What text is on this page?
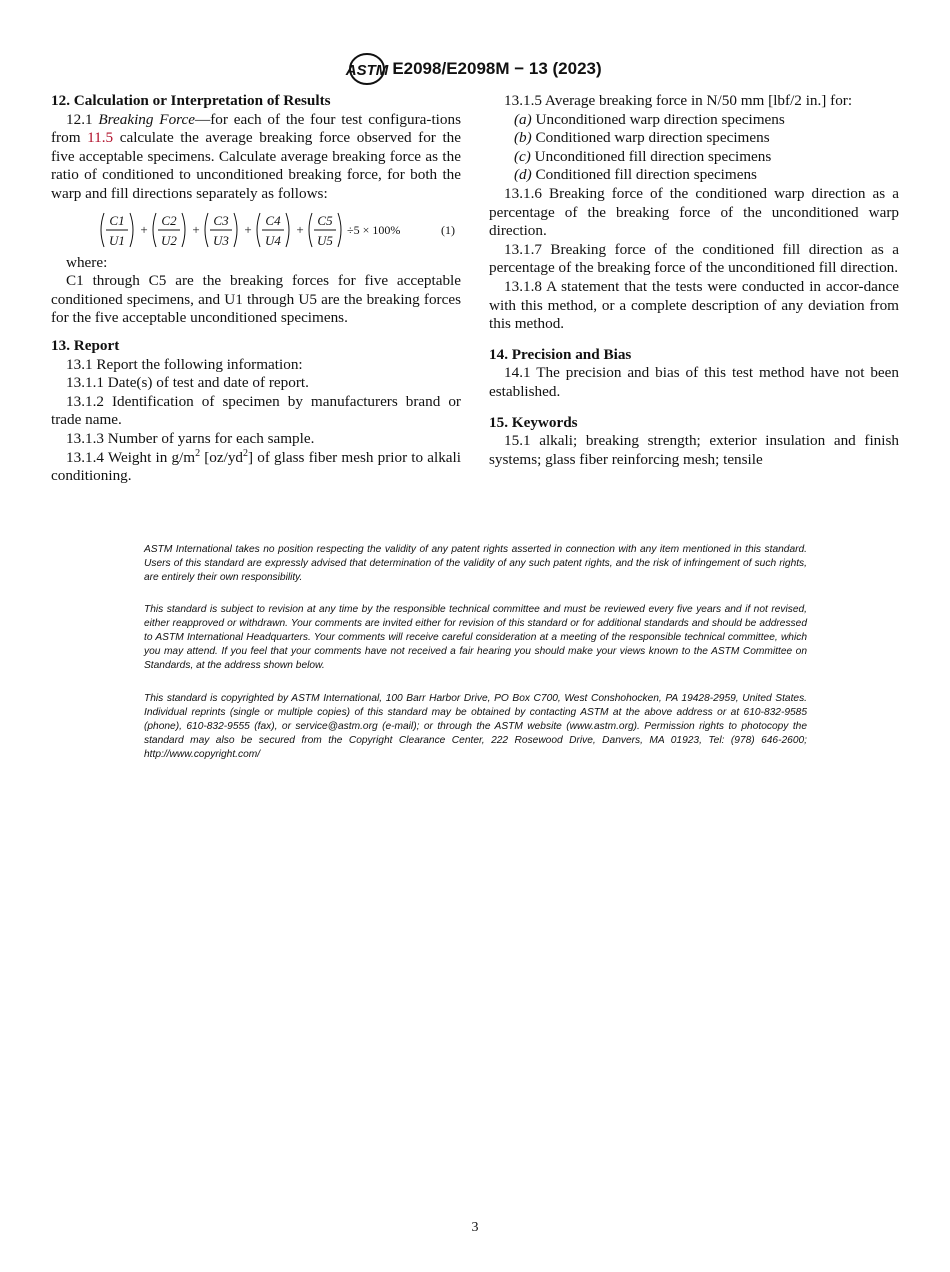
ASTM E2098/E2098M − 13 (2023)

12. Calculation or Interpretation of Results

12.1 Breaking Force—for each of the four test configura-tions from 11.5 calculate the average breaking force observed for the five acceptable specimens. Calculate average breaking force as the ratio of conditioned to unconditioned breaking force, for both the warp and fill directions separately as follows:

C1
U1
+
C2
U2
+
C3
U3
+
C4
U4
+
C5
U5
÷5 × 100%	(1)

where:

C1 through C5 are the breaking forces for five acceptable conditioned specimens, and U1 through U5 are the breaking forces for the five acceptable unconditioned specimens.

13. Report

13.1 Report the following information:

13.1.1 Date(s) of test and date of report.

13.1.2 Identification of specimen by manufacturers brand or trade name.

13.1.3 Number of yarns for each sample.

13.1.4 Weight in $g/m^2$ $[oz/yd^2]$ of glass fiber mesh prior to alkali conditioning.

13.1.5 Average breaking force in N/50 mm [lbf/2 in.] for:

(a) Unconditioned warp direction specimens

(b) Conditioned warp direction specimens

(c) Unconditioned fill direction specimens

(d) Conditioned fill direction specimens

13.1.6 Breaking force of the conditioned warp direction as a percentage of the breaking force of the unconditioned warp direction.

13.1.7 Breaking force of the conditioned fill direction as a percentage of the breaking force of the unconditioned fill direction.

13.1.8 A statement that the tests were conducted in accor-dance with this method, or a complete description of any deviation from this method.

14. Precision and Bias

14.1 The precision and bias of this test method have not been established.

15. Keywords

15.1 alkali; breaking strength; exterior insulation and finish systems; glass fiber reinforcing mesh; tensile

ASTM International takes no position respecting the validity of any patent rights asserted in connection with any item mentioned in this standard. Users of this standard are expressly advised that determination of the validity of any such patent rights, and the risk of infringement of such rights, are entirely their own responsibility.

This standard is subject to revision at any time by the responsible technical committee and must be reviewed every five years and if not revised, either reapproved or withdrawn. Your comments are invited either for revision of this standard or for additional standards and should be addressed to ASTM International Headquarters. Your comments will receive careful consideration at a meeting of the responsible technical committee, which you may attend. If you feel that your comments have not received a fair hearing you should make your views known to the ASTM Committee on Standards, at the address shown below.

This standard is copyrighted by ASTM International, 100 Barr Harbor Drive, PO Box C700, West Conshohocken, PA 19428-2959, United States. Individual reprints (single or multiple copies) of this standard may be obtained by contacting ASTM at the above address or at 610-832-9585 (phone), 610-832-9555 (fax), or service@astm.org (e-mail); or through the ASTM website (www.astm.org). Permission rights to photocopy the standard may also be secured from the Copyright Clearance Center, 222 Rosewood Drive, Danvers, MA 01923, Tel: (978) 646-2600; http://www.copyright.com/

3
